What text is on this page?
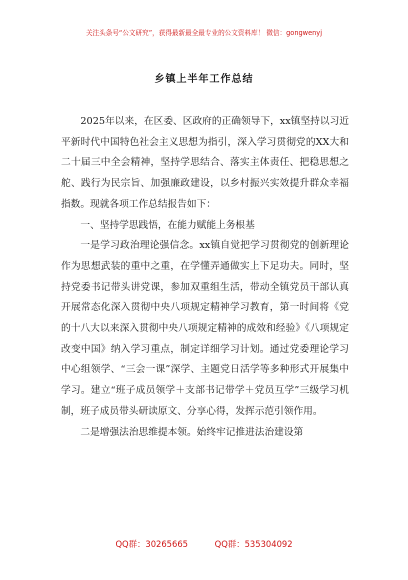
关注头条号“公文研究”，获得最新最全最专业的公文资料库！ 微信：gongwenyj
乡镇上半年工作总结

2025年以来，在区委、区政府的正确领导下，xx镇坚持以习近平新时代中国特色社会主义思想为指引，深入学习贯彻党的XX大和二十届三中全会精神，坚持学思结合、落实主体责任、把稳思想之舵、践行为民宗旨、加强廉政建设，以乡村振兴实效提升群众幸福指数。现就各项工作总结报告如下：

一、坚持学思践悟，在能力赋能上务根基

一是学习政治理论强信念。xx镇自觉把学习贯彻党的创新理论作为思想武装的重中之重，在学懂弄通做实上下足功夫。同时，坚持党委书记带头讲党课，参加双重组生活，带动全镇党员干部认真开展常态化深入贯彻中央八项规定精神学习教育，第一时间将《党的十八大以来深入贯彻中央八项规定精神的成效和经验》《八项规定改变中国》纳入学习重点，制定详细学习计划。通过党委理论学习中心组领学、“三会一课”深学、主题党日活学等多种形式开展集中学习。建立“班子成员领学＋支部书记带学＋党员互学”三级学习机制，班子成员带头研读原文、分享心得，发挥示范引领作用。

二是增强法治思维提本领。始终牢记推进法治建设第

QQ群：30265665	QQ群：535304092
